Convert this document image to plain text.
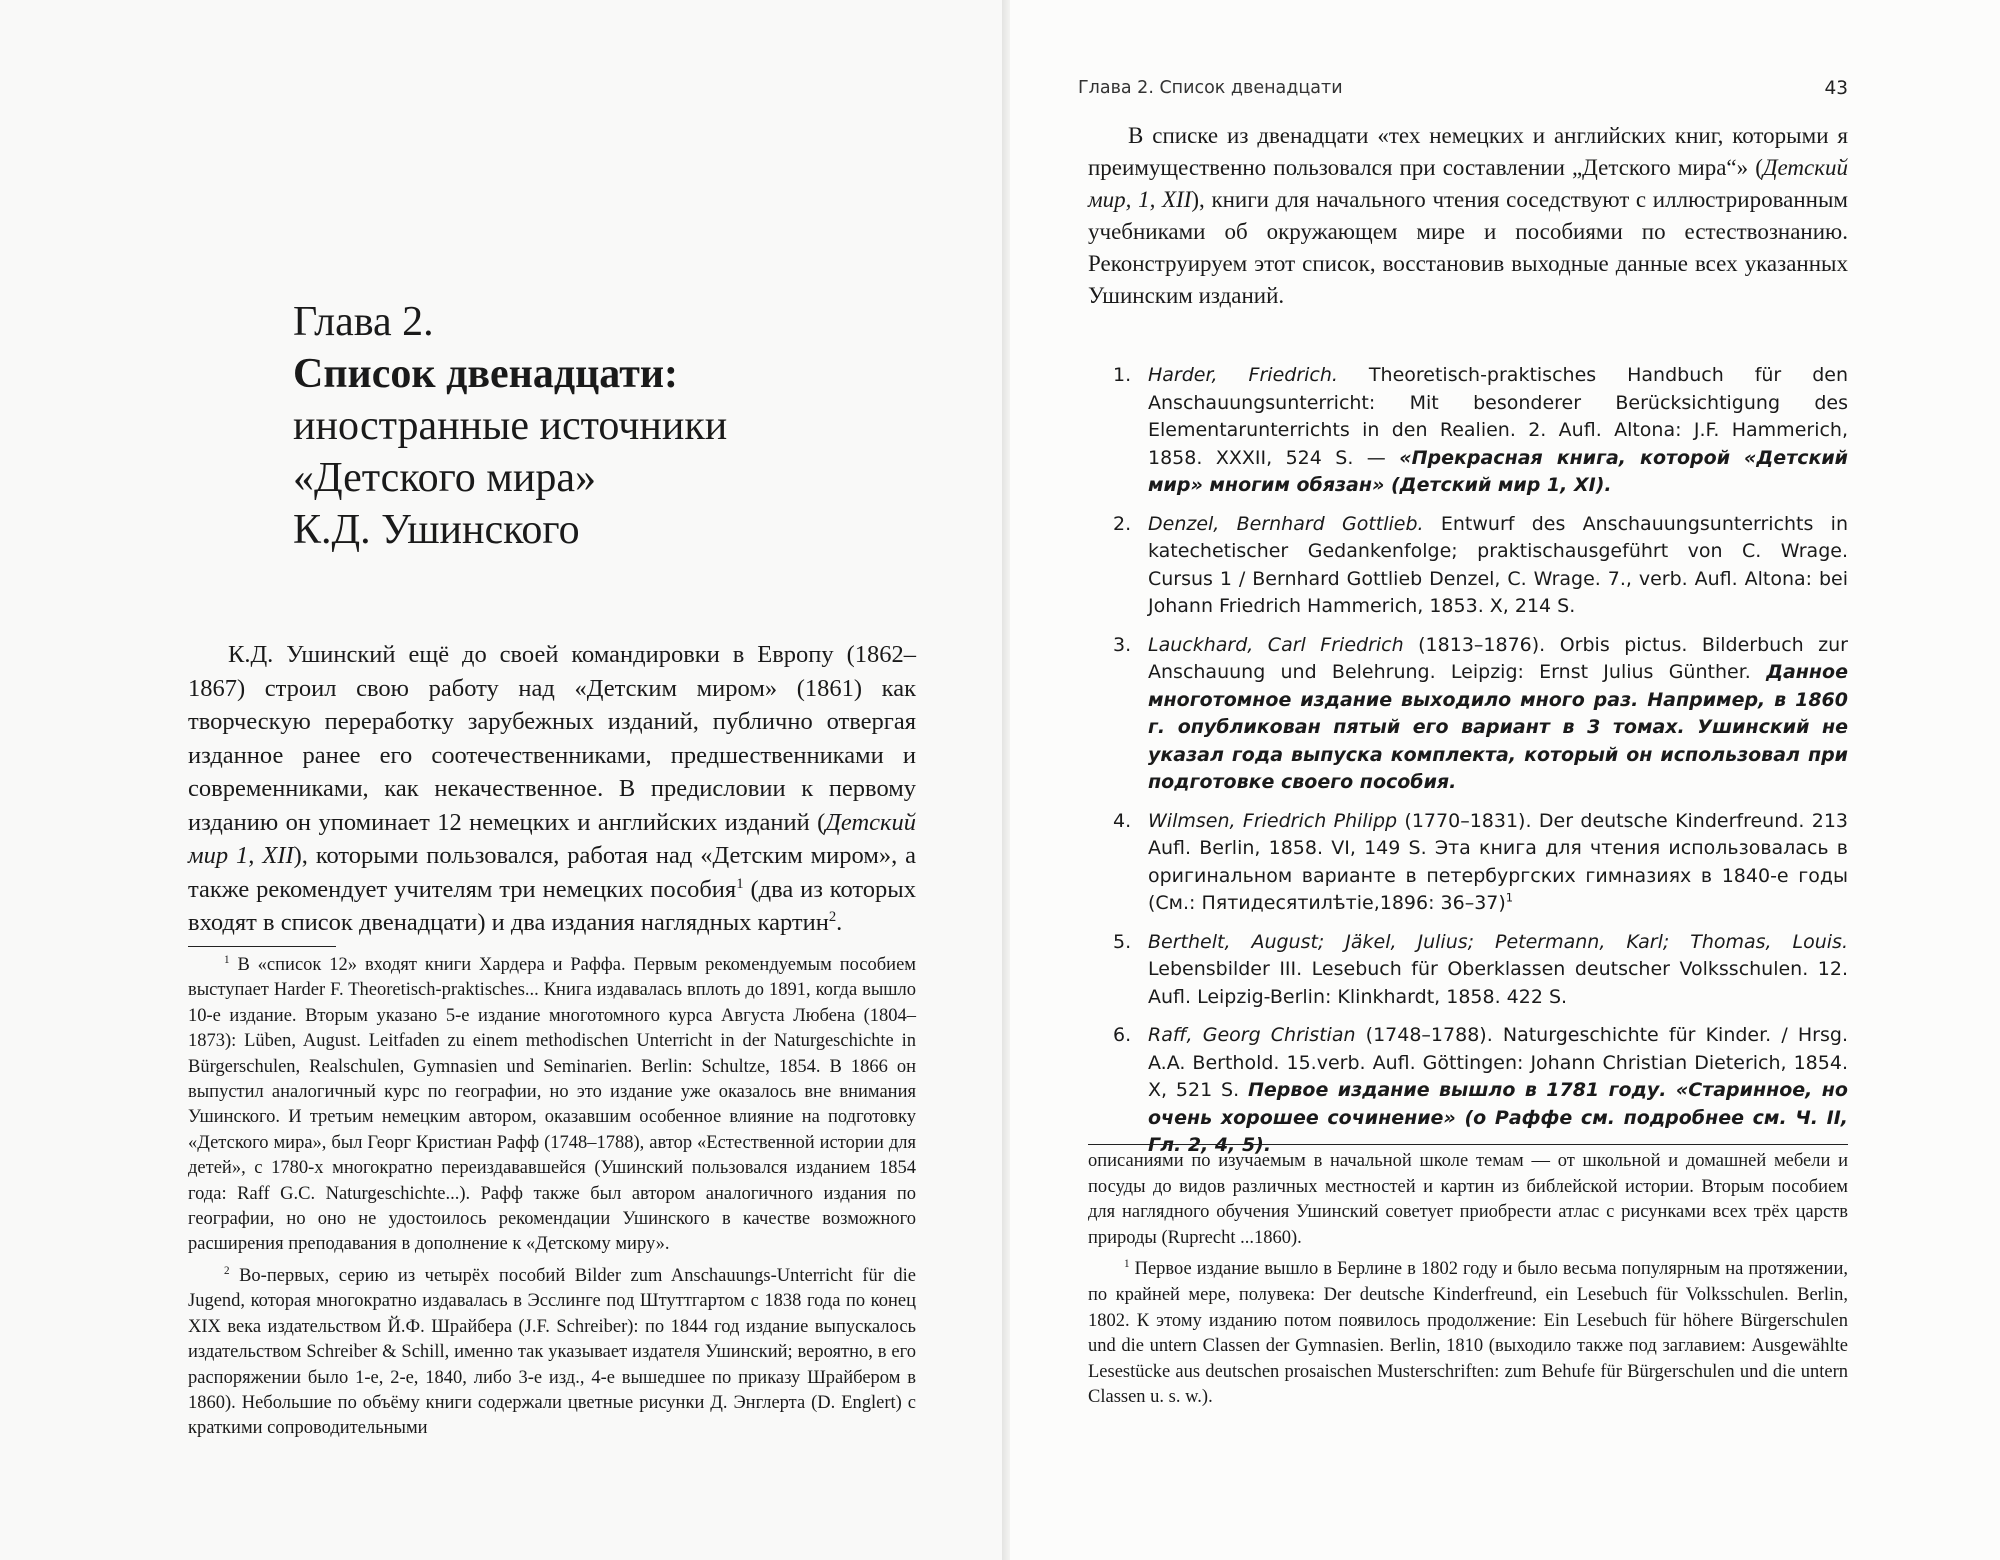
Глава 2.
Список двенадцати:
иностранные источники
«Детского мира»
К.Д. Ушинского

К.Д. Ушинский ещё до своей командировки в Европу (1862–1867) строил свою работу над «Детским миром» (1861) как творческую переработку зарубежных изданий, публично отвергая изданное ранее его соотечественниками, предшественниками и современниками, как некачественное. В предисловии к первому изданию он упоминает 12 немецких и английских изданий (Детский мир 1, XII), которыми пользовался, работая над «Детским миром», а также рекомендует учителям три немецких пособия$^1$ (два из которых входят в список двенадцати) и два издания наглядных картин$^2$.

$^1$ В «список 12» входят книги Хардера и Раффа. Первым рекомендуемым пособием выступает Harder F. Theoretisch-praktisches... Книга издавалась вплоть до 1891, когда вышло 10-е издание. Вторым указано 5-е издание многотомного курса Августа Любена (1804–1873): Lüben, August. Leitfaden zu einem methodischen Unterricht in der Naturgeschichte in Bürgerschulen, Realschulen, Gymnasien und Seminarien. Berlin: Schultze, 1854. В 1866 он выпустил аналогичный курс по географии, но это издание уже оказалось вне внимания Ушинского. И третьим немецким автором, оказавшим особенное влияние на подготовку «Детского мира», был Георг Кристиан Рафф (1748–1788), автор «Естественной истории для детей», с 1780-х многократно переиздававшейся (Ушинский пользовался изданием 1854 года: Raff G.C. Naturgeschichte...). Рафф также был автором аналогичного издания по географии, но оно не удостоилось рекомендации Ушинского в качестве возможного расширения преподавания в дополнение к «Детскому миру».

$^2$ Во-первых, серию из четырёх пособий Bilder zum Anschauungs-Unterricht für die Jugend, которая многократно издавалась в Эсслинге под Штуттгартом с 1838 года по конец XIX века издательством Й.Ф. Шрайбера (J.F. Schreiber): по 1844 год издание выпускалось издательством Schreiber & Schill, именно так указывает издателя Ушинский; вероятно, в его распоряжении было 1-е, 2-е, 1840, либо 3-е изд., 4-е вышедшее по приказу Шрайбером в 1860). Небольшие по объёму книги содержали цветные рисунки Д. Энглерта (D. Englert) с краткими сопроводительными

Глава 2. Список двенадцати	43

В списке из двенадцати «тех немецких и английских книг, которыми я преимущественно пользовался при составлении „Детского мира“» (Детский мир, 1, XII), книги для начального чтения соседствуют с иллюстрированным учебниками об окружающем мире и пособиями по естествознанию. Реконструируем этот список, восстановив выходные данные всех указанных Ушинским изданий.

1. Harder, Friedrich. Theoretisch-praktisches Handbuch für den Anschauungsunterricht: Mit besonderer Berücksichtigung des Elementarunterrichts in den Realien. 2. Aufl. Altona: J.F. Hammerich, 1858. XXXII, 524 S. — «Прекрасная книга, которой «Детский мир» многим обязан» (Детский мир 1, XI).
2. Denzel, Bernhard Gottlieb. Entwurf des Anschauungsunterrichts in katechetischer Gedankenfolge; praktischausgeführt von C. Wrage. Cursus 1 / Bernhard Gottlieb Denzel, C. Wrage. 7., verb. Aufl. Altona: bei Johann Friedrich Hammerich, 1853. X, 214 S.
3. Lauckhard, Carl Friedrich (1813–1876). Orbis pictus. Bilderbuch zur Anschauung und Belehrung. Leipzig: Ernst Julius Günther. Данное многотомное издание выходило много раз. Например, в 1860 г. опубликован пятый его вариант в 3 томах. Ушинский не указал года выпуска комплекта, который он использовал при подготовке своего пособия.
4. Wilmsen, Friedrich Philipp (1770–1831). Der deutsche Kinderfreund. 213 Aufl. Berlin, 1858. VI, 149 S. Эта книга для чтения использовалась в оригинальном варианте в петербургских гимназиях в 1840-е годы (См.: Пятидесятилѣтiе,1896: 36–37)$^1$
5. Berthelt, August; Jäkel, Julius; Petermann, Karl; Thomas, Louis. Lebensbilder III. Lesebuch für Oberklassen deutscher Volksschulen. 12. Aufl. Leipzig-Berlin: Klinkhardt, 1858. 422 S.
6. Raff, Georg Christian (1748–1788). Naturgeschichte für Kinder. / Hrsg. A.A. Berthold. 15.verb. Aufl. Göttingen: Johann Christian Dieterich, 1854. X, 521 S. Первое издание вышло в 1781 году. «Старинное, но очень хорошее сочинение» (о Раффе см. подробнее см. Ч. II, Гл. 2, 4, 5).

описаниями по изучаемым в начальной школе темам — от школьной и домашней мебели и посуды до видов различных местностей и картин из библейской истории. Вторым пособием для наглядного обучения Ушинский советует приобрести атлас с рисунками всех трёх царств природы (Ruprecht ...1860).

$^1$ Первое издание вышло в Берлине в 1802 году и было весьма популярным на протяжении, по крайней мере, полувека: Der deutsche Kinderfreund, ein Lesebuch für Volksschulen. Berlin, 1802. К этому изданию потом появилось продолжение: Ein Lesebuch für höhere Bürgerschulen und die untern Classen der Gymnasien. Berlin, 1810 (выходило также под заглавием: Ausgewählte Lesestücke aus deutschen prosaischen Musterschriften: zum Behufe für Bürgerschulen und die untern Classen u. s. w.).
